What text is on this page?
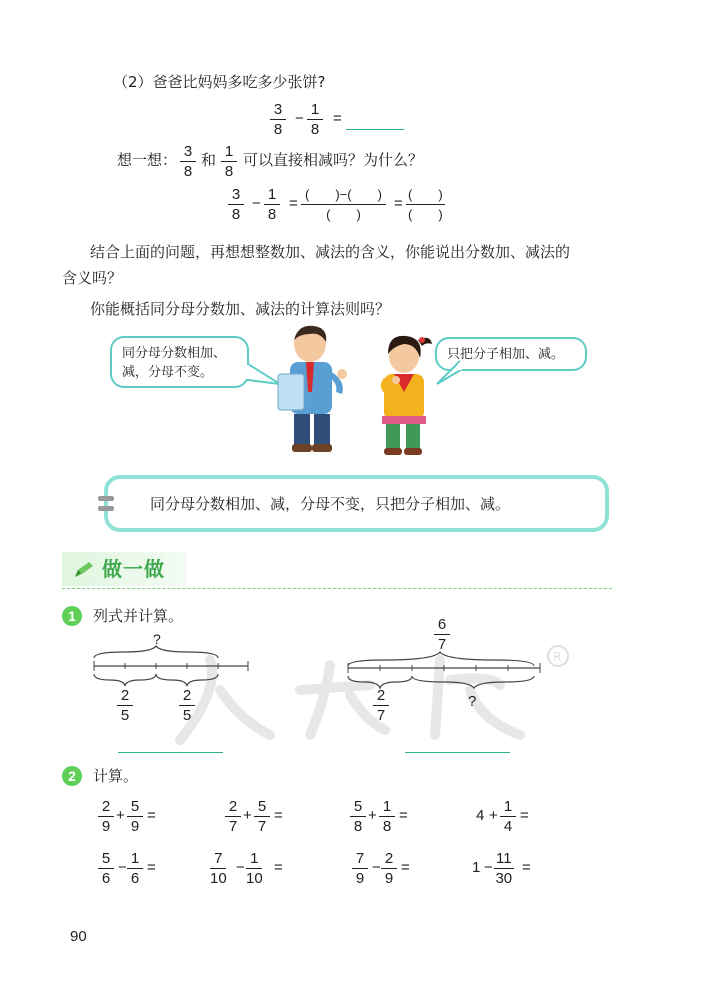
（2）爸爸比妈妈多吃多少张饼?
$\frac{3}{8} - \frac{1}{8}$ =
想一想： $\frac{3}{8}$ 和 $\frac{1}{8}$ 可以直接相减吗？为什么？
$\frac{3}{8} - \frac{1}{8}$ =
(　　)−(　　)
(　　)
=
(　　)
(　　)
结合上面的问题，再想想整数加、减法的含义，你能说出分数加、减法的
含义吗？
你能概括同分母分数加、减法的计算法则吗？
同分母分数相加、
减，分母不变。
只把分子相加、减。
同分母分数相加、减，分母不变，只把分子相加、减。
做一做
1	列式并计算。
R
?
$\frac{2}{5}$	$\frac{2}{5}$
$\frac{6}{7}$
$\frac{2}{7}$	?
2	计算。
$\frac{2}{9} + \frac{5}{9}$ =	$\frac{2}{7} + \frac{5}{7}$ =	$\frac{5}{8} + \frac{1}{8}$ =	$4 + \frac{1}{4}$ =
$\frac{5}{6} - \frac{1}{6}$ =	$\frac{7}{10} - \frac{1}{10}$ =	$\frac{7}{9} - \frac{2}{9}$ =	$1 - \frac{11}{30}$ =
90
